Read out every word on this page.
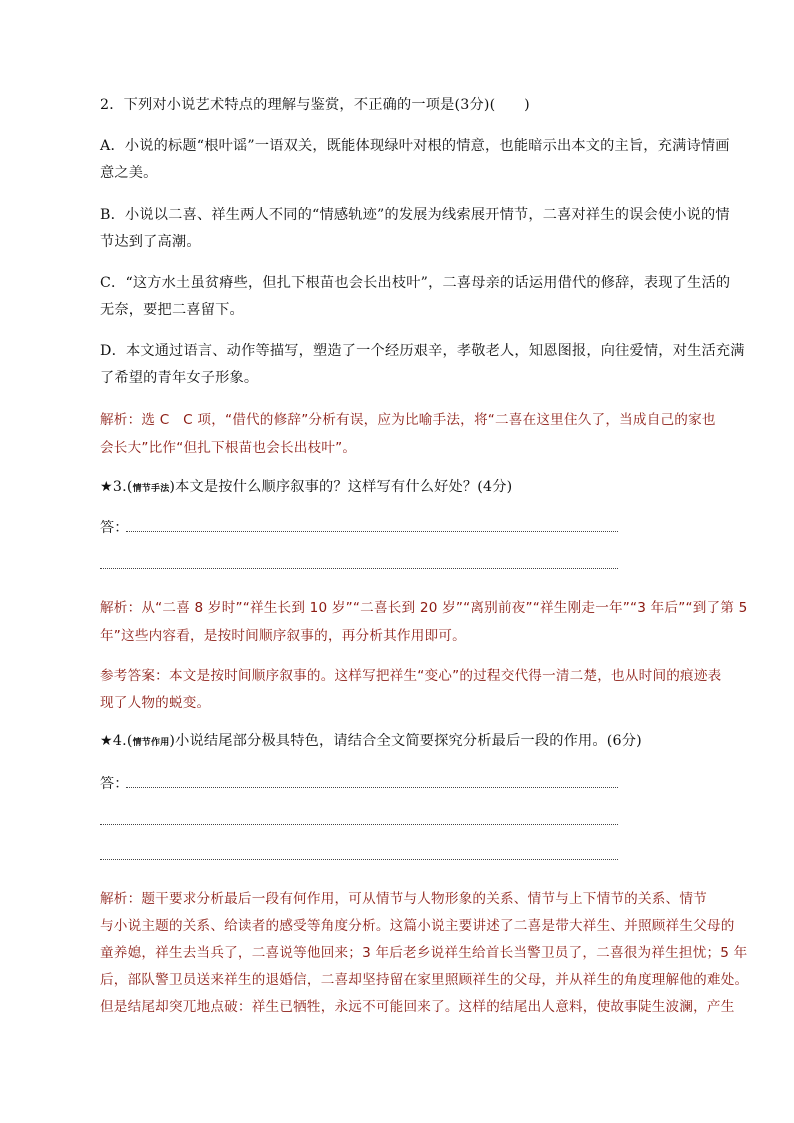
2．下列对小说艺术特点的理解与鉴赏，不正确的一项是(3分)(　　)
A．小说的标题“根叶谣”一语双关，既能体现绿叶对根的情意，也能暗示出本文的主旨，充满诗情画
意之美。
B．小说以二喜、祥生两人不同的“情感轨迹”的发展为线索展开情节，二喜对祥生的误会使小说的情
节达到了高潮。
C．“这方水土虽贫瘠些，但扎下根苗也会长出枝叶”，二喜母亲的话运用借代的修辞，表现了生活的
无奈，要把二喜留下。
D．本文通过语言、动作等描写，塑造了一个经历艰辛，孝敬老人，知恩图报，向往爱情，对生活充满
了希望的青年女子形象。
解析：选 C　C 项，“借代的修辞”分析有误，应为比喻手法，将“二喜在这里住久了，当成自己的家也
会长大”比作“但扎下根苗也会长出枝叶”。
★3.(情节手法)本文是按什么顺序叙事的？这样写有什么好处？(4分)
答：
解析：从“二喜 8 岁时”“祥生长到 10 岁”“二喜长到 20 岁”“离别前夜”“祥生刚走一年”“3 年后”“到了第 5
年”这些内容看，是按时间顺序叙事的，再分析其作用即可。
参考答案：本文是按时间顺序叙事的。这样写把祥生“变心”的过程交代得一清二楚，也从时间的痕迹表
现了人物的蜕变。
★4.(情节作用)小说结尾部分极具特色，请结合全文简要探究分析最后一段的作用。(6分)
答：
解析：题干要求分析最后一段有何作用，可从情节与人物形象的关系、情节与上下情节的关系、情节
与小说主题的关系、给读者的感受等角度分析。这篇小说主要讲述了二喜是带大祥生、并照顾祥生父母的
童养媳，祥生去当兵了，二喜说等他回来；3 年后老乡说祥生给首长当警卫员了，二喜很为祥生担忧；5 年
后，部队警卫员送来祥生的退婚信，二喜却坚持留在家里照顾祥生的父母，并从祥生的角度理解他的难处。
但是结尾却突兀地点破：祥生已牺牲，永远不可能回来了。这样的结尾出人意料，使故事陡生波澜，产生
